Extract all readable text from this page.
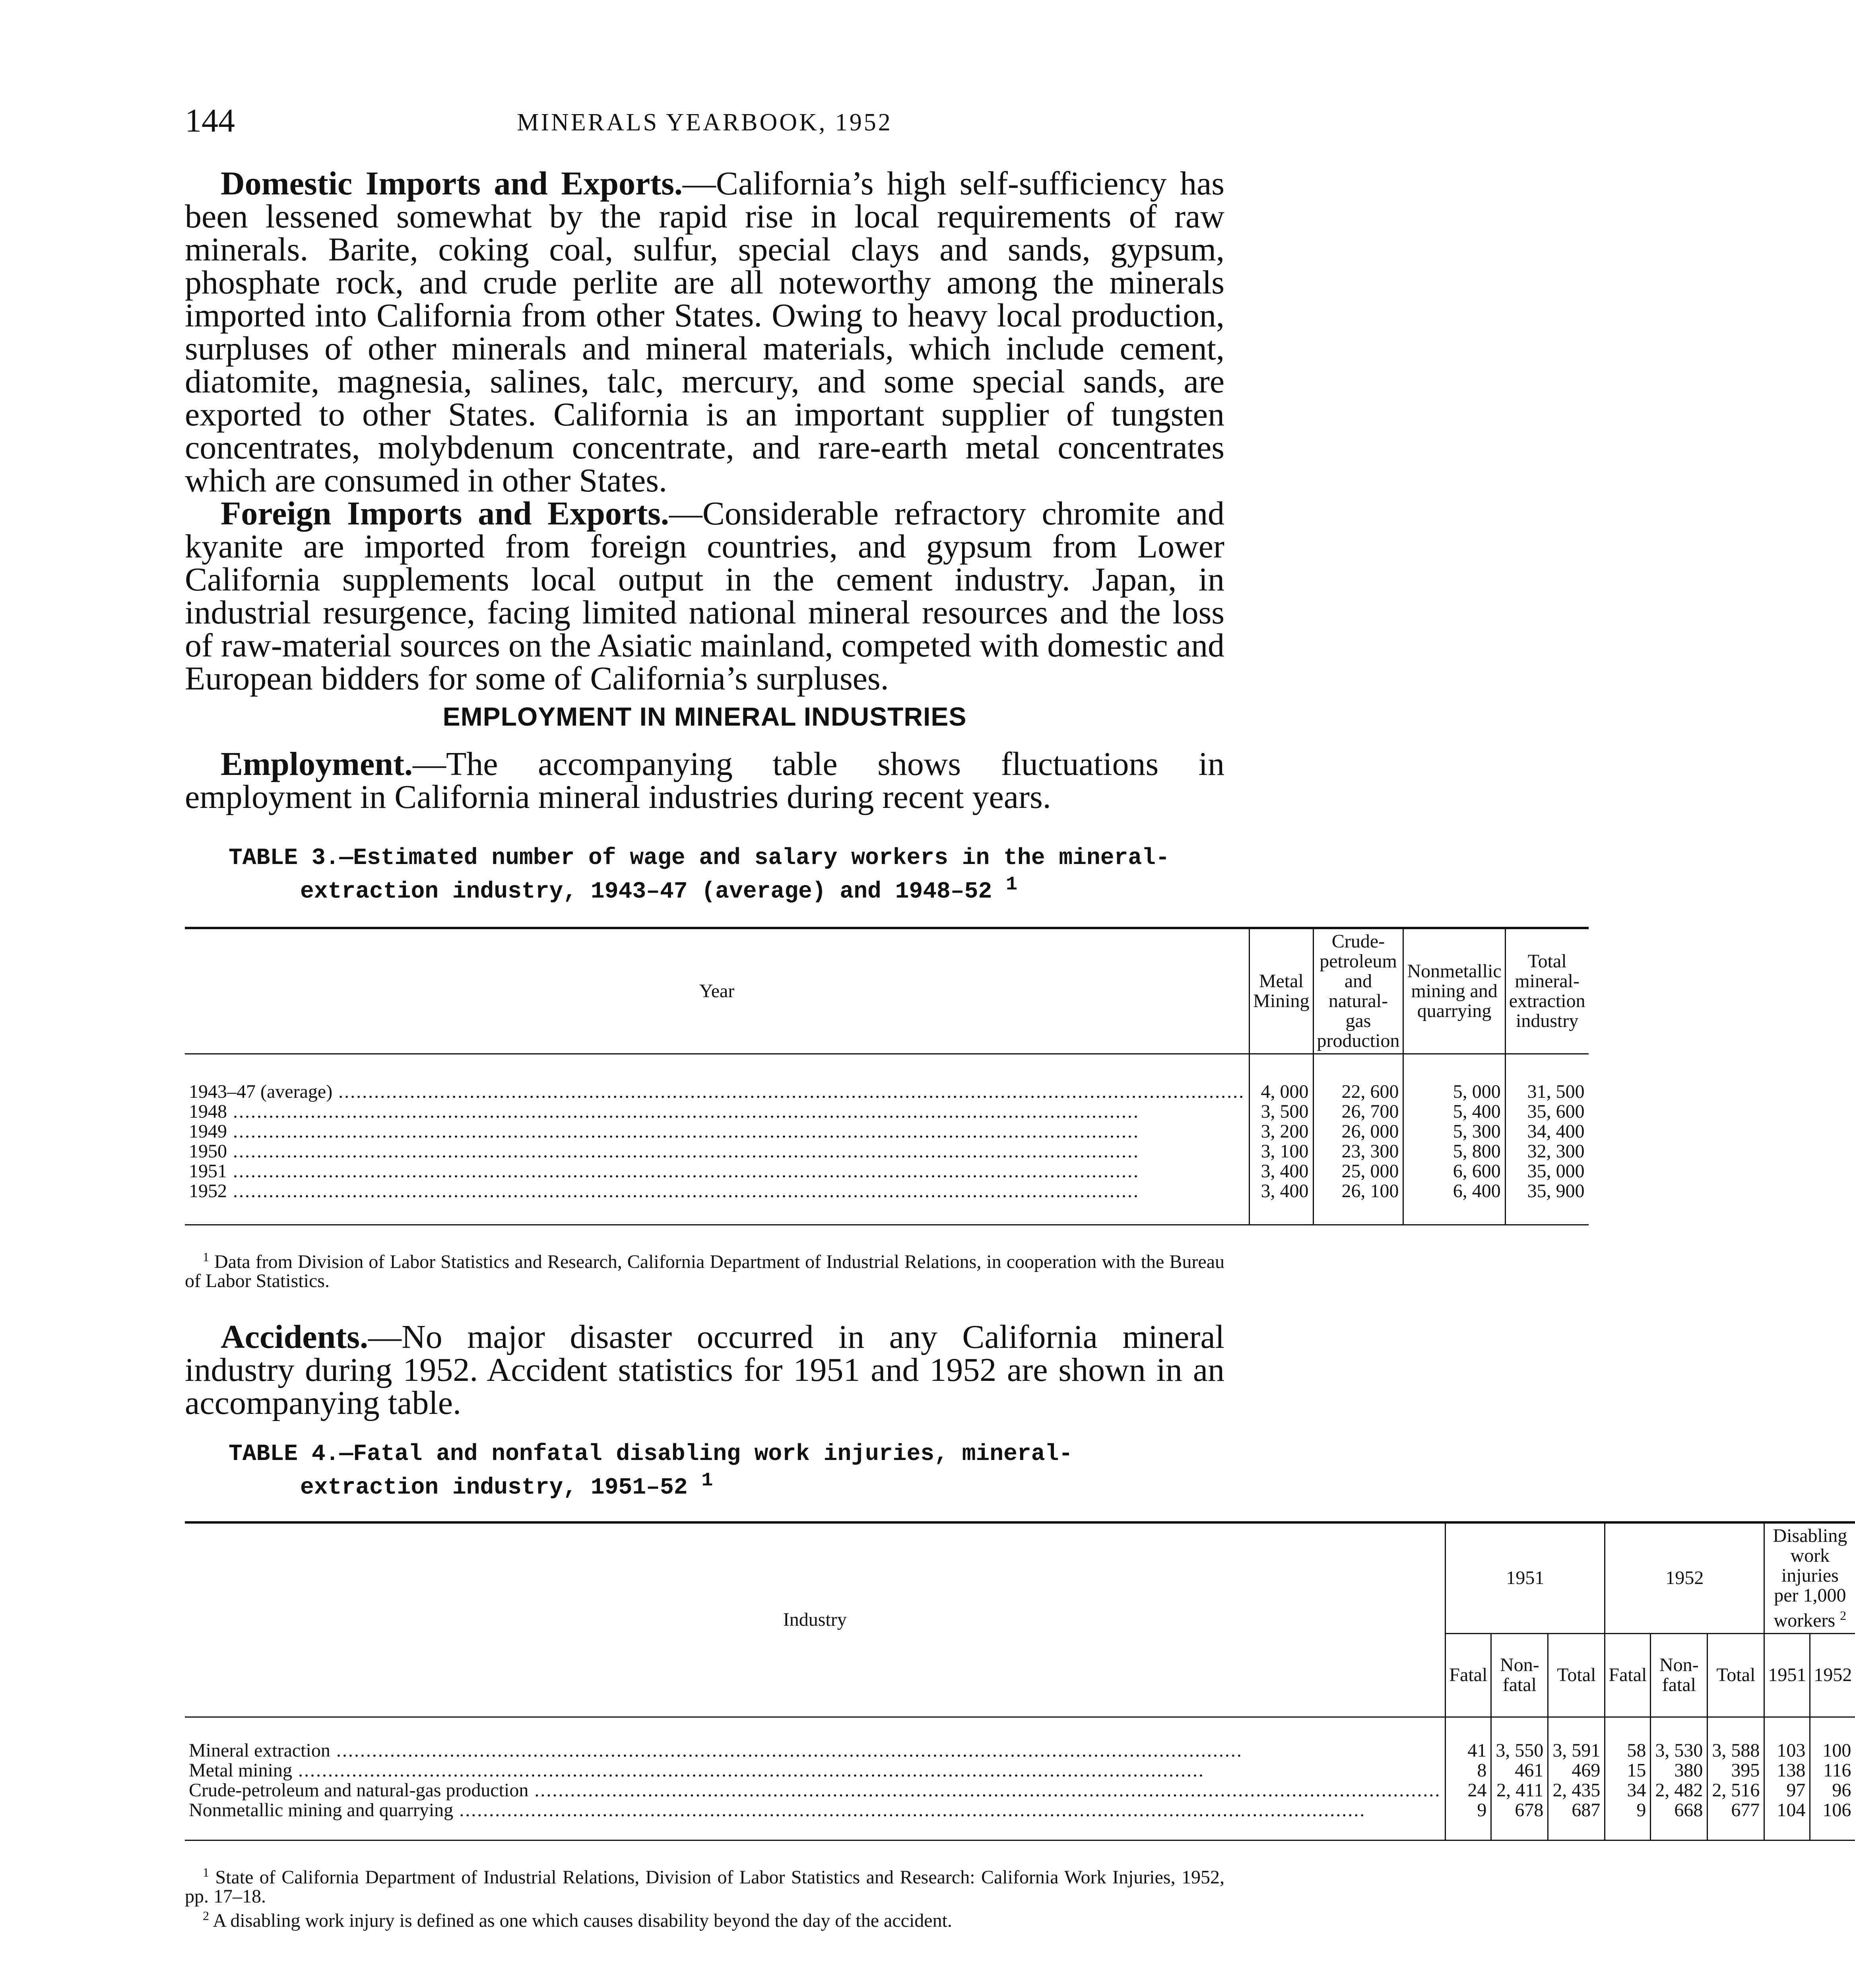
144	MINERALS YEARBOOK, 1952

Domestic Imports and Exports.—California’s high self-sufficiency has been lessened somewhat by the rapid rise in local requirements of raw minerals. Barite, coking coal, sulfur, special clays and sands, gypsum, phosphate rock, and crude perlite are all noteworthy among the minerals imported into California from other States. Owing to heavy local production, surpluses of other minerals and mineral materials, which include cement, diatomite, magnesia, salines, talc, mercury, and some special sands, are exported to other States. California is an important supplier of tungsten concentrates, molybdenum concentrate, and rare-earth metal concentrates which are consumed in other States.

Foreign Imports and Exports.—Considerable refractory chromite and kyanite are imported from foreign countries, and gypsum from Lower California supplements local output in the cement industry. Japan, in industrial resurgence, facing limited national mineral resources and the loss of raw-material sources on the Asiatic mainland, competed with domestic and European bidders for some of California’s surpluses.

EMPLOYMENT IN MINERAL INDUSTRIES

Employment.—The accompanying table shows fluctuations in employment in California mineral industries during recent years.

TABLE 3.—Estimated number of wage and salary workers in the mineral-extraction industry, 1943–47 (average) and 1948–52 $^1$

Year	Metal Mining	Crude-petroleum and natural-gas production	Nonmetallic mining and quarrying	Total mineral-extraction industry

1943–47 (average) .....	4, 000	22, 600	5, 000	31, 500
1948 .....	3, 500	26, 700	5, 400	35, 600
1949 .....	3, 200	26, 000	5, 300	34, 400
1950 .....	3, 100	23, 300	5, 800	32, 300
1951 .....	3, 400	25, 000	6, 600	35, 000
1952 .....	3, 400	26, 100	6, 400	35, 900

$^1$ Data from Division of Labor Statistics and Research, California Department of Industrial Relations, in cooperation with the Bureau of Labor Statistics.

Accidents.—No major disaster occurred in any California mineral industry during 1952. Accident statistics for 1951 and 1952 are shown in an accompanying table.

TABLE 4.—Fatal and nonfatal disabling work injuries, mineral-extraction industry, 1951–52 $^1$

Industry	1951			1952			Disabling work injuries per 1,000 workers $^2$
	Fatal	Non-fatal	Total	Fatal	Non-fatal	Total	1951	1952

Mineral extraction .....	41	3, 550	3, 591	58	3, 530	3, 588	103	100
Metal mining .....	8	461	469	15	380	395	138	116

Crude-petroleum and natural-gas production .....	24	2, 411	2, 435	34	2, 482	2, 516	97	96
Nonmetallic mining and quarrying .....	9	678	687	9	668	677	104	106

$^1$ State of California Department of Industrial Relations, Division of Labor Statistics and Research: California Work Injuries, 1952, pp. 17–18.

$^2$ A disabling work injury is defined as one which causes disability beyond the day of the accident.
